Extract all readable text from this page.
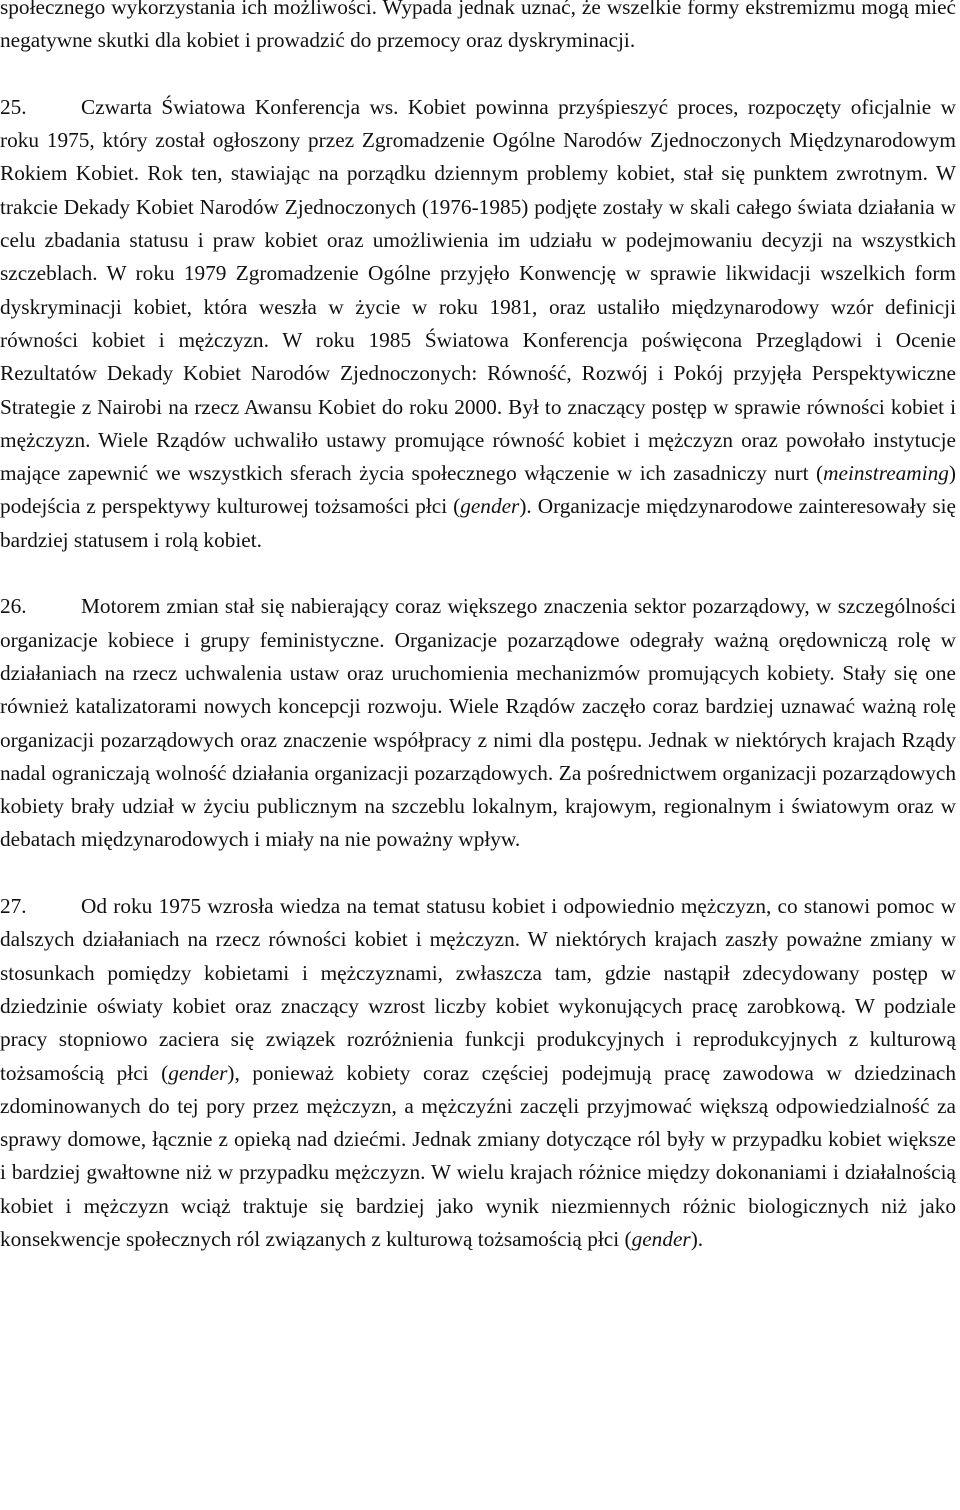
społecznego wykorzystania ich możliwości. Wypada jednak uznać, że wszelkie formy ekstremizmu mogą mieć negatywne skutki dla kobiet i prowadzić do przemocy oraz dyskryminacji.

25.	Czwarta Światowa Konferencja ws. Kobiet powinna przyśpieszyć proces, rozpoczęty oficjalnie w roku 1975, który został ogłoszony przez Zgromadzenie Ogólne Narodów Zjednoczonych Międzynarodowym Rokiem Kobiet. Rok ten, stawiając na porządku dziennym problemy kobiet, stał się punktem zwrotnym. W trakcie Dekady Kobiet Narodów Zjednoczonych (1976-1985) podjęte zostały w skali całego świata działania w celu zbadania statusu i praw kobiet oraz umożliwienia im udziału w podejmowaniu decyzji na wszystkich szczeblach. W roku 1979 Zgromadzenie Ogólne przyjęło Konwencję w sprawie likwidacji wszelkich form dyskryminacji kobiet, która weszła w życie w roku 1981, oraz ustaliło międzynarodowy wzór definicji równości kobiet i mężczyzn. W roku 1985 Światowa Konferencja poświęcona Przeglądowi i Ocenie Rezultatów Dekady Kobiet Narodów Zjednoczonych: Równość, Rozwój i Pokój przyjęła Perspektywiczne Strategie z Nairobi na rzecz Awansu Kobiet do roku 2000. Był to znaczący postęp w sprawie równości kobiet i mężczyzn. Wiele Rządów uchwaliło ustawy promujące równość kobiet i mężczyzn oraz powołało instytucje mające zapewnić we wszystkich sferach życia społecznego włączenie w ich zasadniczy nurt (meinstreaming) podejścia z perspektywy kulturowej tożsamości płci (gender). Organizacje międzynarodowe zainteresowały się bardziej statusem i rolą kobiet.

26.	Motorem zmian stał się nabierający coraz większego znaczenia sektor pozarządowy, w szczególności organizacje kobiece i grupy feministyczne. Organizacje pozarządowe odegrały ważną orędowniczą rolę w działaniach na rzecz uchwalenia ustaw oraz uruchomienia mechanizmów promujących kobiety. Stały się one również katalizatorami nowych koncepcji rozwoju. Wiele Rządów zaczęło coraz bardziej uznawać ważną rolę organizacji pozarządowych oraz znaczenie współpracy z nimi dla postępu. Jednak w niektórych krajach Rządy nadal ograniczają wolność działania organizacji pozarządowych. Za pośrednictwem organizacji pozarządowych kobiety brały udział w życiu publicznym na szczeblu lokalnym, krajowym, regionalnym i światowym oraz w debatach międzynarodowych i miały na nie poważny wpływ.

27.	Od roku 1975 wzrosła wiedza na temat statusu kobiet i odpowiednio mężczyzn, co stanowi pomoc w dalszych działaniach na rzecz równości kobiet i mężczyzn. W niektórych krajach zaszły poważne zmiany w stosunkach pomiędzy kobietami i mężczyznami, zwłaszcza tam, gdzie nastąpił zdecydowany postęp w dziedzinie oświaty kobiet oraz znaczący wzrost liczby kobiet wykonujących pracę zarobkową. W podziale pracy stopniowo zaciera się związek rozróżnienia funkcji produkcyjnych i reprodukcyjnych z kulturową tożsamością płci (gender), ponieważ kobiety coraz częściej podejmują pracę zawodowa w dziedzinach zdominowanych do tej pory przez mężczyzn, a mężczyźni zaczęli przyjmować większą odpowiedzialność za sprawy domowe, łącznie z opieką nad dziećmi. Jednak zmiany dotyczące ról były w przypadku kobiet większe i bardziej gwałtowne niż w przypadku mężczyzn. W wielu krajach różnice między dokonaniami i działalnością kobiet i mężczyzn wciąż traktuje się bardziej jako wynik niezmiennych różnic biologicznych niż jako konsekwencje społecznych ról związanych z kulturową tożsamością płci (gender).
